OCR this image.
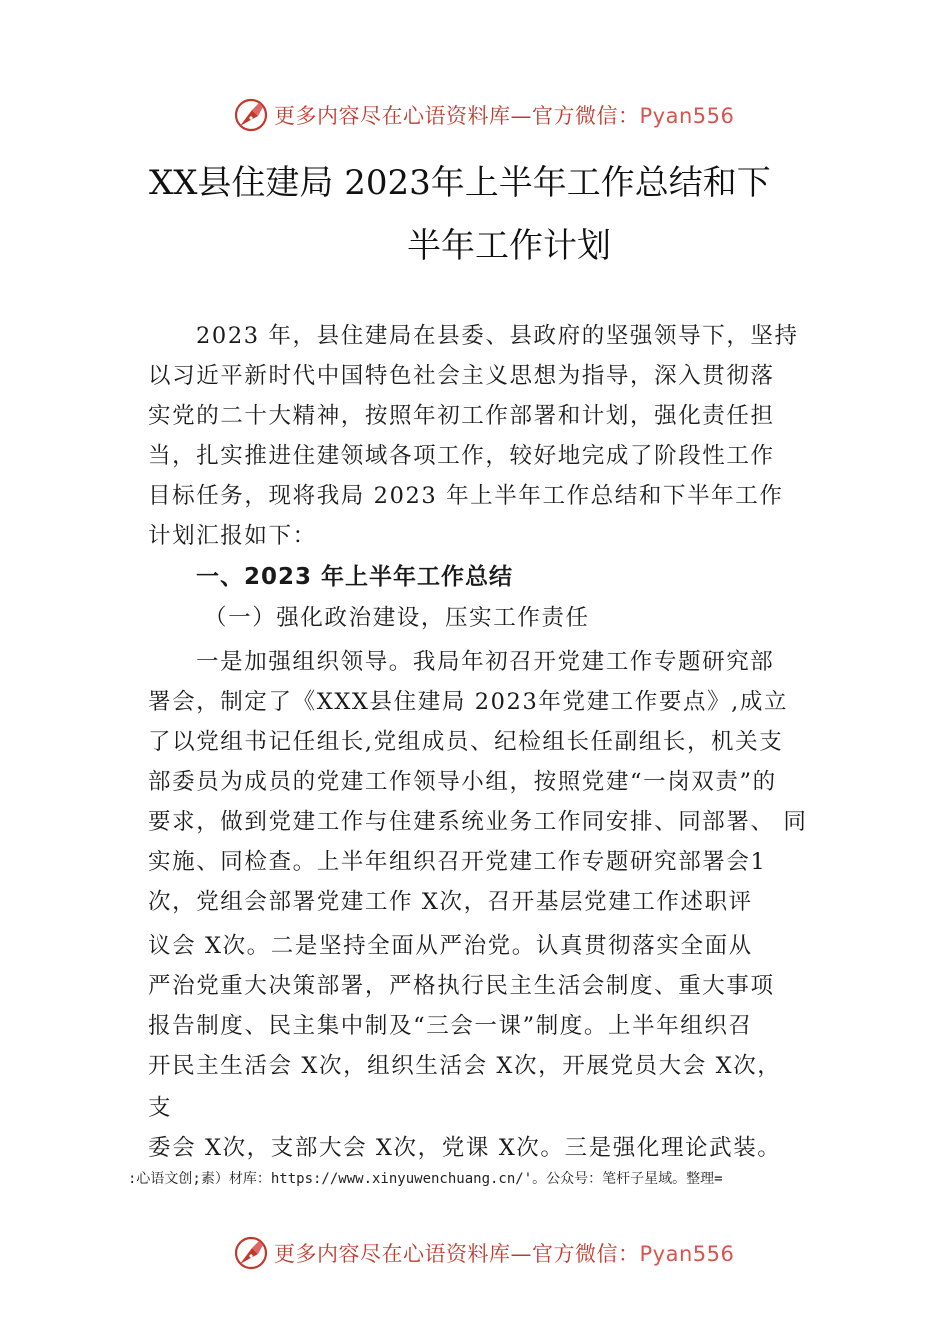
更多内容尽在心语资料库—官方微信：Pyan556
XX县住建局 2023年上半年工作总结和下
半年工作计划
2023 年，县住建局在县委、县政府的坚强领导下，坚持
以习近平新时代中国特色社会主义思想为指导，深入贯彻落
实党的二十大精神，按照年初工作部署和计划，强化责任担
当，扎实推进住建领域各项工作，较好地完成了阶段性工作
目标任务，现将我局 2023 年上半年工作总结和下半年工作
计划汇报如下：
一、2023 年上半年工作总结
（一）强化政治建设，压实工作责任
一是加强组织领导。我局年初召开党建工作专题研究部
署会，制定了《XXX县住建局 2023年党建工作要点》,成立
了以党组书记任组长,党组成员、纪检组长任副组长，机关支
部委员为成员的党建工作领导小组，按照党建“一岗双责”的
要求，做到党建工作与住建系统业务工作同安排、同部署、 同
实施、同检查。上半年组织召开党建工作专题研究部署会1
次，党组会部署党建工作 X次，召开基层党建工作述职评
议会 X次。二是坚持全面从严治党。认真贯彻落实全面从
严治党重大决策部署，严格执行民主生活会制度、重大事项
报告制度、民主集中制及“三会一课”制度。上半年组织召
开民主生活会 X次，组织生活会 X次，开展党员大会 X次，
支
委会 X次，支部大会 X次，党课 X次。三是强化理论武装。
:心语文创;素）材库：https://www.xinyuwenchuang.cn/'。公众号：笔杆子星域。整理=
更多内容尽在心语资料库—官方微信：Pyan556
